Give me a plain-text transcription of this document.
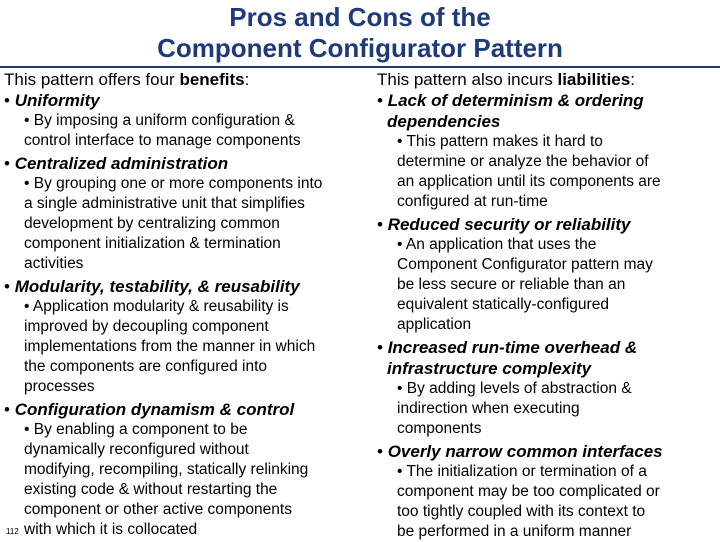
Pros and Cons of the
Component Configurator Pattern

This pattern offers four benefits:

• Uniformity

• By imposing a uniform configuration &
control interface to manage components

• Centralized administration

• By grouping one or more components into
a single administrative unit that simplifies
development by centralizing common
component initialization & termination
activities

• Modularity, testability, & reusability

• Application modularity & reusability is
improved by decoupling component
implementations from the manner in which
the components are configured into
processes

• Configuration dynamism & control

• By enabling a component to be
dynamically reconfigured without
modifying, recompiling, statically relinking
existing code & without restarting the
component or other active components
with which it is collocated

This pattern also incurs liabilities:

• Lack of determinism & ordering
dependencies

• This pattern makes it hard to
determine or analyze the behavior of
an application until its components are
configured at run-time

• Reduced security or reliability

• An application that uses the
Component Configurator pattern may
be less secure or reliable than an
equivalent statically-configured
application

• Increased run-time overhead &
infrastructure complexity

• By adding levels of abstraction &
indirection when executing
components

• Overly narrow common interfaces

• The initialization or termination of a
component may be too complicated or
too tightly coupled with its context to
be performed in a uniform manner

112
